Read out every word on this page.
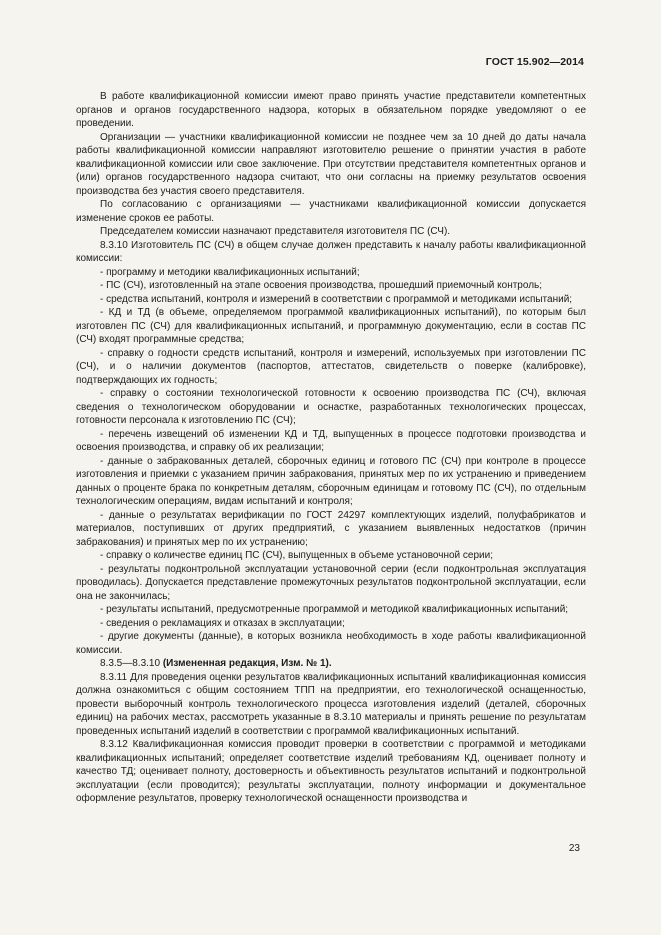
ГОСТ 15.902—2014

В работе квалификационной комиссии имеют право принять участие представители компетентных органов и органов государственного надзора, которых в обязательном порядке уведомляют о ее проведении.

Организации — участники квалификационной комиссии не позднее чем за 10 дней до даты начала работы квалификационной комиссии направляют изготовителю решение о принятии участия в работе квалификационной комиссии или свое заключение. При отсутствии представителя компетентных органов и (или) органов государственного надзора считают, что они согласны на приемку результатов освоения производства без участия своего представителя.

По согласованию с организациями — участниками квалификационной комиссии допускается изменение сроков ее работы.

Председателем комиссии назначают представителя изготовителя ПС (СЧ).

8.3.10 Изготовитель ПС (СЧ) в общем случае должен представить к началу работы квалификационной комиссии:

- программу и методики квалификационных испытаний;

- ПС (СЧ), изготовленный на этапе освоения производства, прошедший приемочный контроль;

- средства испытаний, контроля и измерений в соответствии с программой и методиками испытаний;

- КД и ТД (в объеме, определяемом программой квалификационных испытаний), по которым был изготовлен ПС (СЧ) для квалификационных испытаний, и программную документацию, если в состав ПС (СЧ) входят программные средства;

- справку о годности средств испытаний, контроля и измерений, используемых при изготовлении ПС (СЧ), и о наличии документов (паспортов, аттестатов, свидетельств о поверке (калибровке), подтверждающих их годность;

- справку о состоянии технологической готовности к освоению производства ПС (СЧ), включая сведения о технологическом оборудовании и оснастке, разработанных технологических процессах, готовности персонала к изготовлению ПС (СЧ);

- перечень извещений об изменении КД и ТД, выпущенных в процессе подготовки производства и освоения производства, и справку об их реализации;

- данные о забракованных деталей, сборочных единиц и готового ПС (СЧ) при контроле в процессе изготовления и приемки с указанием причин забракования, принятых мер по их устранению и приведением данных о проценте брака по конкретным деталям, сборочным единицам и готовому ПС (СЧ), по отдельным технологическим операциям, видам испытаний и контроля;

- данные о результатах верификации по ГОСТ 24297 комплектующих изделий, полуфабрикатов и материалов, поступивших от других предприятий, с указанием выявленных недостатков (причин забракования) и принятых мер по их устранению;

- справку о количестве единиц ПС (СЧ), выпущенных в объеме установочной серии;

- результаты подконтрольной эксплуатации установочной серии (если подконтрольная эксплуатация проводилась). Допускается представление промежуточных результатов подконтрольной эксплуатации, если она не закончилась;

- результаты испытаний, предусмотренные программой и методикой квалификационных испытаний;

- сведения о рекламациях и отказах в эксплуатации;

- другие документы (данные), в которых возникла необходимость в ходе работы квалификационной комиссии.

8.3.5—8.3.10 (Измененная редакция, Изм. № 1).

8.3.11 Для проведения оценки результатов квалификационных испытаний квалификационная комиссия должна ознакомиться с общим состоянием ТПП на предприятии, его технологической оснащенностью, провести выборочный контроль технологического процесса изготовления изделий (деталей, сборочных единиц) на рабочих местах, рассмотреть указанные в 8.3.10 материалы и принять решение по результатам проведенных испытаний изделий в соответствии с программой квалификационных испытаний.

8.3.12 Квалификационная комиссия проводит проверки в соответствии с программой и методиками квалификационных испытаний; определяет соответствие изделий требованиям КД, оценивает полноту и качество ТД; оценивает полноту, достоверность и объективность результатов испытаний и подконтрольной эксплуатации (если проводится); результаты эксплуатации, полноту информации и документальное оформление результатов, проверку технологической оснащенности производства и

23
